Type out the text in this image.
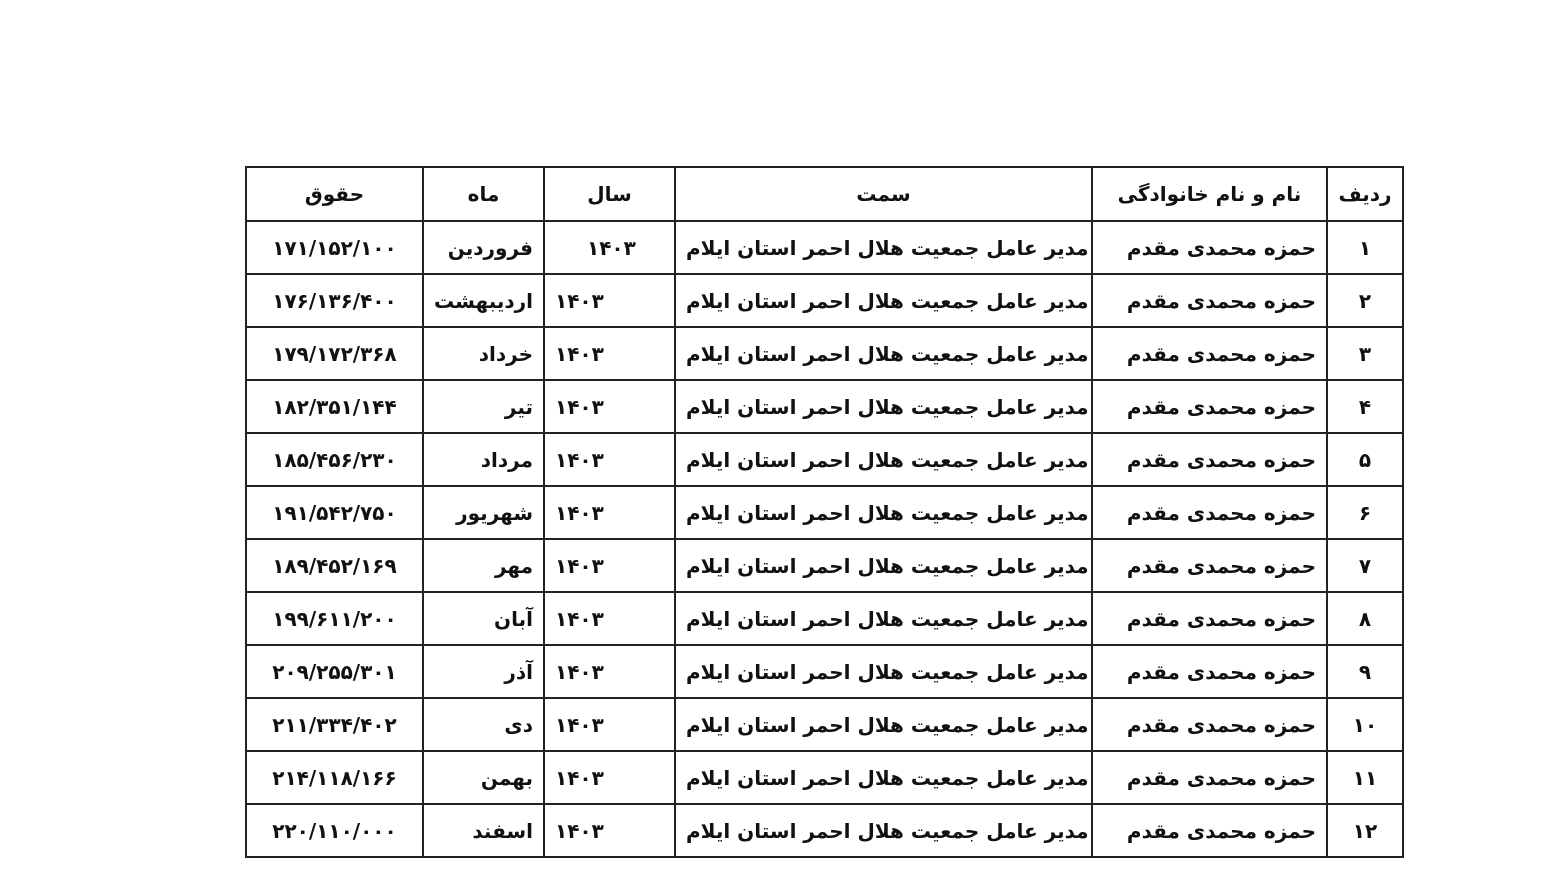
حقوق	ماه	سال	سمت	نام و نام خانوادگی	ردیف
۱۷۱/۱۵۲/۱۰۰	فروردین	۱۴۰۳	مدیر عامل جمعیت هلال احمر استان ایلام	حمزه محمدی مقدم	۱
۱۷۶/۱۳۶/۴۰۰	اردیبهشت	۱۴۰۳	مدیر عامل جمعیت هلال احمر استان ایلام	حمزه محمدی مقدم	۲
۱۷۹/۱۷۲/۳۶۸	خرداد	۱۴۰۳	مدیر عامل جمعیت هلال احمر استان ایلام	حمزه محمدی مقدم	۳
۱۸۲/۳۵۱/۱۴۴	تیر	۱۴۰۳	مدیر عامل جمعیت هلال احمر استان ایلام	حمزه محمدی مقدم	۴
۱۸۵/۴۵۶/۲۳۰	مرداد	۱۴۰۳	مدیر عامل جمعیت هلال احمر استان ایلام	حمزه محمدی مقدم	۵
۱۹۱/۵۴۲/۷۵۰	شهریور	۱۴۰۳	مدیر عامل جمعیت هلال احمر استان ایلام	حمزه محمدی مقدم	۶
۱۸۹/۴۵۲/۱۶۹	مهر	۱۴۰۳	مدیر عامل جمعیت هلال احمر استان ایلام	حمزه محمدی مقدم	۷
۱۹۹/۶۱۱/۲۰۰	آبان	۱۴۰۳	مدیر عامل جمعیت هلال احمر استان ایلام	حمزه محمدی مقدم	۸
۲۰۹/۲۵۵/۳۰۱	آذر	۱۴۰۳	مدیر عامل جمعیت هلال احمر استان ایلام	حمزه محمدی مقدم	۹
۲۱۱/۳۳۴/۴۰۲	دی	۱۴۰۳	مدیر عامل جمعیت هلال احمر استان ایلام	حمزه محمدی مقدم	۱۰
۲۱۴/۱۱۸/۱۶۶	بهمن	۱۴۰۳	مدیر عامل جمعیت هلال احمر استان ایلام	حمزه محمدی مقدم	۱۱
۲۲۰/۱۱۰/۰۰۰	اسفند	۱۴۰۳	مدیر عامل جمعیت هلال احمر استان ایلام	حمزه محمدی مقدم	۱۲
